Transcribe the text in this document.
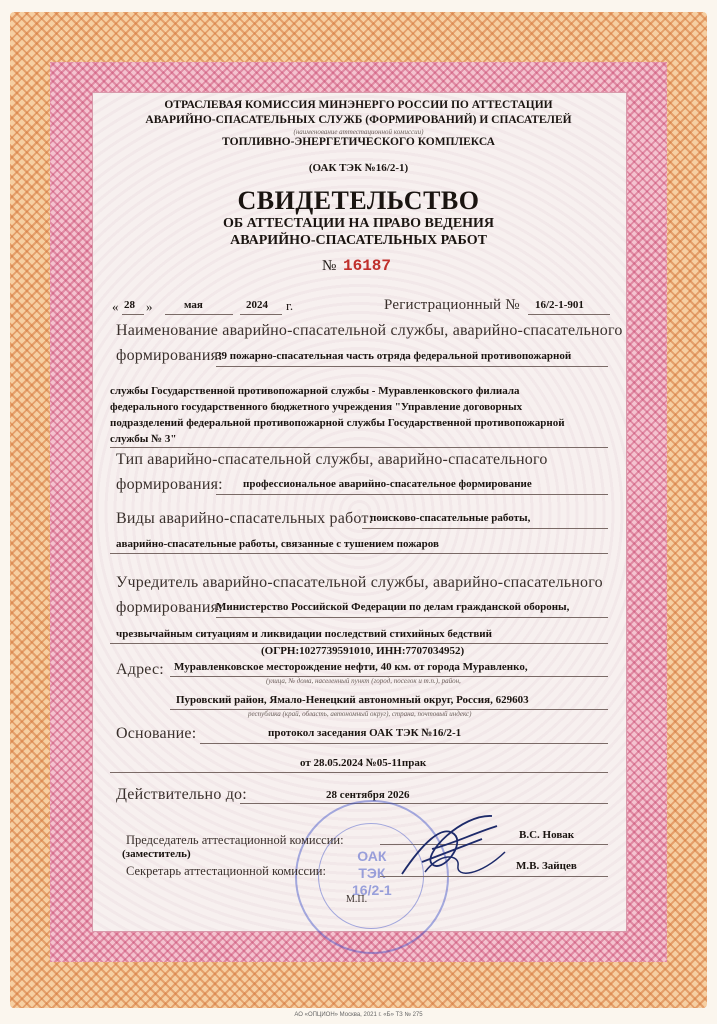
ОТРАСЛЕВАЯ КОМИССИЯ МИНЭНЕРГО РОССИИ ПО АТТЕСТАЦИИ
АВАРИЙНО-СПАСАТЕЛЬНЫХ СЛУЖБ (ФОРМИРОВАНИЙ) И СПАСАТЕЛЕЙ
(наименование аттестационной комиссии)
ТОПЛИВНО-ЭНЕРГЕТИЧЕСКОГО КОМПЛЕКСА
(ОАК ТЭК №16/2-1)
СВИДЕТЕЛЬСТВО
ОБ АТТЕСТАЦИИ НА ПРАВО ВЕДЕНИЯ
АВАРИЙНО-СПАСАТЕЛЬНЫХ РАБОТ
№ 16187
« 28 »	мая	2024 г.	Регистрационный № 16/2-1-901
Наименование аварийно-спасательной службы, аварийно-спасательного
формирования:
39 пожарно-спасательная часть отряда федеральной противопожарной
службы Государственной противопожарной службы - Муравленковского филиала
федерального государственного бюджетного учреждения "Управление договорных
подразделений федеральной противопожарной службы Государственной противопожарной
службы № 3"
Тип аварийно-спасательной службы, аварийно-спасательного
формирования: профессиональное аварийно-спасательное формирование
Виды аварийно-спасательных работ:
поисково-спасательные работы,
аварийно-спасательные работы, связанные с тушением пожаров
Учредитель аварийно-спасательной службы, аварийно-спасательного
формирования:
Министерство Российской Федерации по делам гражданской обороны,
чрезвычайным ситуациям и ликвидации последствий стихийных бедствий
(ОГРН:1027739591010, ИНН:7707034952)
Адрес: Муравленковское месторождение нефти, 40 км. от города Муравленко,
(улица, № дома, населенный пункт (город, поселок и т.п.), район,
Пуровский район, Ямало-Ненецкий автономный округ, Россия, 629603
республика (край, область, автономный округ), страна, почтовый индекс)
Основание:	протокол заседания ОАК ТЭК №16/2-1
от 28.05.2024 №05-11прак
Действительно до:	28 сентября 2026
ОАК
ТЭК
16/2-1
Председатель аттестационной комиссии:
(заместитель)
В.С. Новак
Секретарь аттестационной комиссии:	М.В. Зайцев
М.П.
АО «ОПЦИОН» Москва, 2021 г. «Б» ТЗ № 275
